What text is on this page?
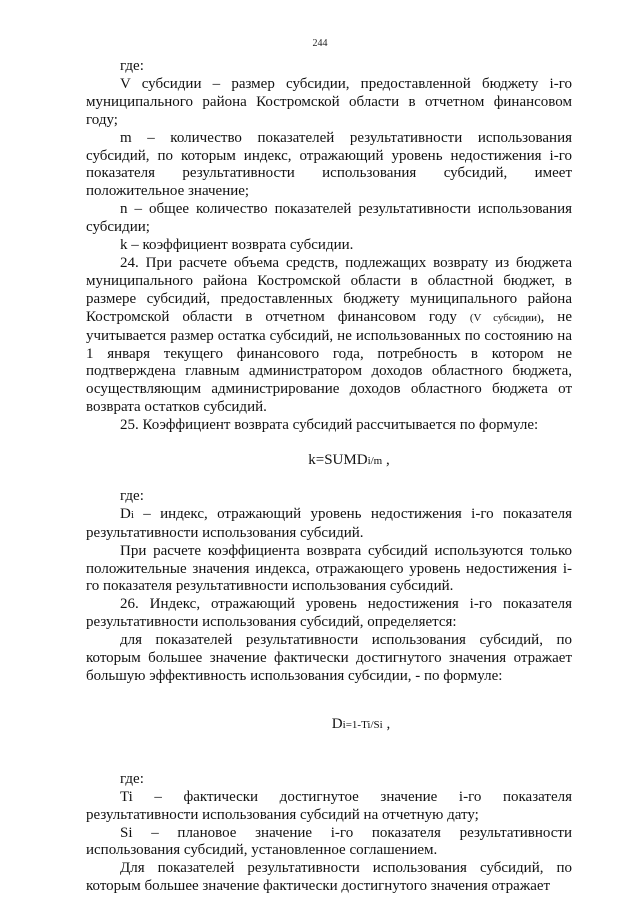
244

где:

V субсидии – размер субсидии, предоставленной бюджету i-го муниципального района Костромской области в отчетном финансовом году;

m – количество показателей результативности использования субсидий, по которым индекс, отражающий уровень недостижения i-го показателя результативности использования субсидий, имеет положительное значение;

n – общее количество показателей результативности использования субсидии;

k – коэффициент возврата субсидии.

24. При расчете объема средств, подлежащих возврату из бюджета муниципального района Костромской области в областной бюджет, в размере субсидий, предоставленных бюджету муниципального района Костромской области в отчетном финансовом году (V субсидии), не учитывается размер остатка субсидий, не использованных по состоянию на 1 января текущего финансового года, потребность в котором не подтверждена главным администратором доходов областного бюджета, осуществляющим администрирование доходов областного бюджета от возврата остатков субсидий.

25. Коэффициент возврата субсидий рассчитывается по формуле:

k=SUMDi/m ,

где:

Di – индекс, отражающий уровень недостижения i-го показателя результативности использования субсидий.

При расчете коэффициента возврата субсидий используются только положительные значения индекса, отражающего уровень недостижения i-го показателя результативности использования субсидий.

26. Индекс, отражающий уровень недостижения i-го показателя результативности использования субсидий, определяется:

для показателей результативности использования субсидий, по которым большее значение фактически достигнутого значения отражает большую эффективность использования субсидии, - по формуле:

Di=1-Ti/Si ,

где:

Ti – фактически достигнутое значение i-го показателя результативности использования субсидий на отчетную дату;

Si – плановое значение i-го показателя результативности использования субсидий, установленное соглашением.

Для показателей результативности использования субсидий, по которым большее значение фактически достигнутого значения отражает
